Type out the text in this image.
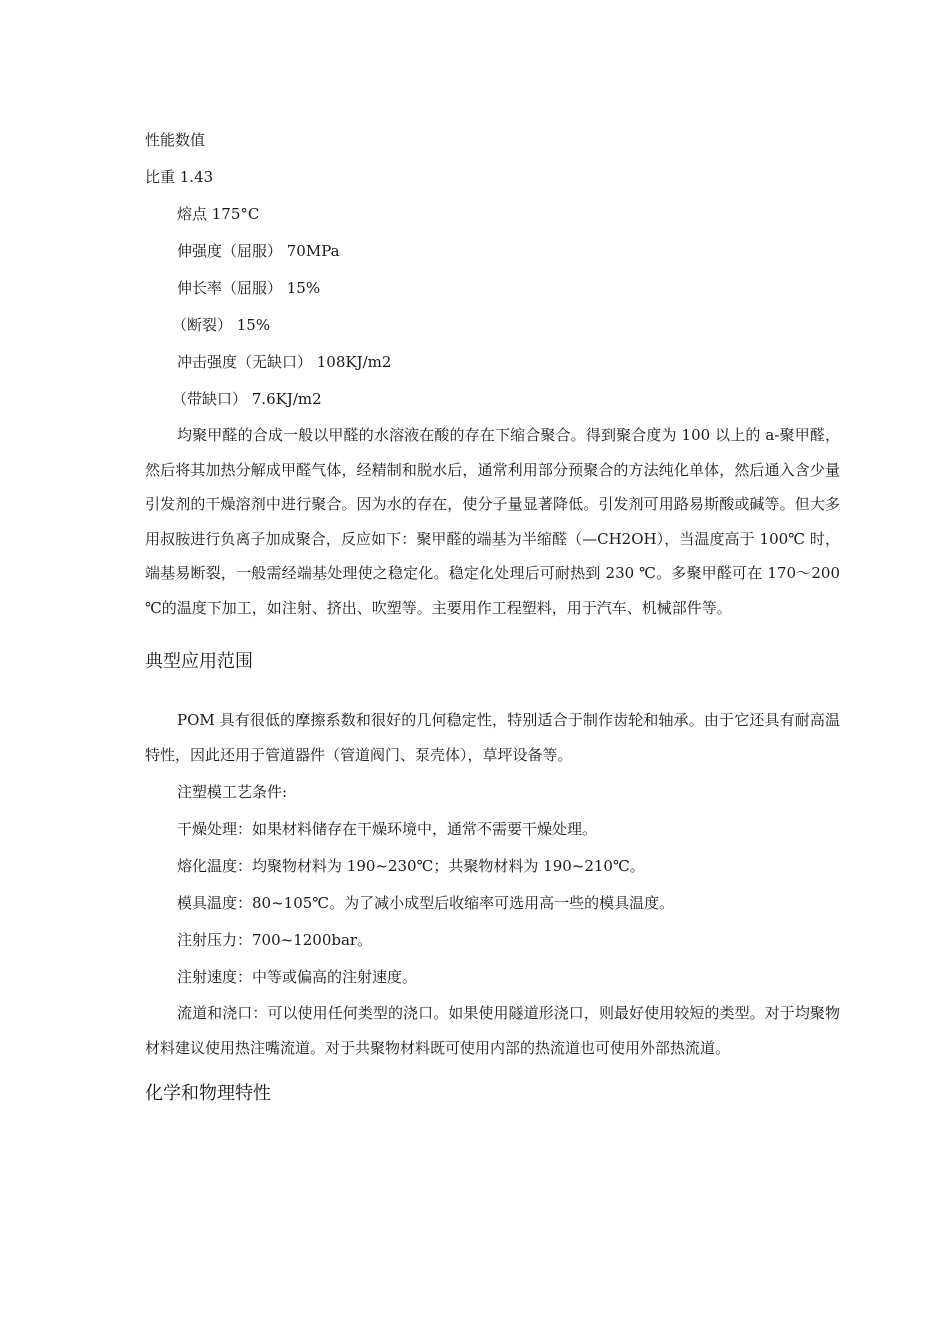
性能数值
比重 1.43
熔点 175°C
伸强度（屈服） 70MPa
伸长率（屈服） 15%
（断裂） 15%
冲击强度（无缺口） 108KJ/m2
（带缺口） 7.6KJ/m2

均聚甲醛的合成一般以甲醛的水溶液在酸的存在下缩合聚合。得到聚合度为 100 以上的 a-聚甲醛，然后将其加热分解成甲醛气体，经精制和脱水后，通常利用部分预聚合的方法纯化单体，然后通入含少量引发剂的干燥溶剂中进行聚合。因为水的存在，使分子量显著降低。引发剂可用路易斯酸或碱等。但大多用叔胺进行负离子加成聚合，反应如下：聚甲醛的端基为半缩醛（—CH2OH），当温度高于 100℃ 时，端基易断裂，一般需经端基处理使之稳定化。稳定化处理后可耐热到 230 ℃。多聚甲醛可在 170～200 ℃的温度下加工，如注射、挤出、吹塑等。主要用作工程塑料，用于汽车、机械部件等。

典型应用范围

POM 具有很低的摩擦系数和很好的几何稳定性，特别适合于制作齿轮和轴承。由于它还具有耐高温特性，因此还用于管道器件（管道阀门、泵壳体），草坪设备等。

注塑模工艺条件:
干燥处理：如果材料储存在干燥环境中，通常不需要干燥处理。
熔化温度：均聚物材料为 190~230℃；共聚物材料为 190~210℃。
模具温度：80~105℃。为了减小成型后收缩率可选用高一些的模具温度。
注射压力：700~1200bar。
注射速度：中等或偏高的注射速度。

流道和浇口：可以使用任何类型的浇口。如果使用隧道形浇口，则最好使用较短的类型。对于均聚物材料建议使用热注嘴流道。对于共聚物材料既可使用内部的热流道也可使用外部热流道。

化学和物理特性
